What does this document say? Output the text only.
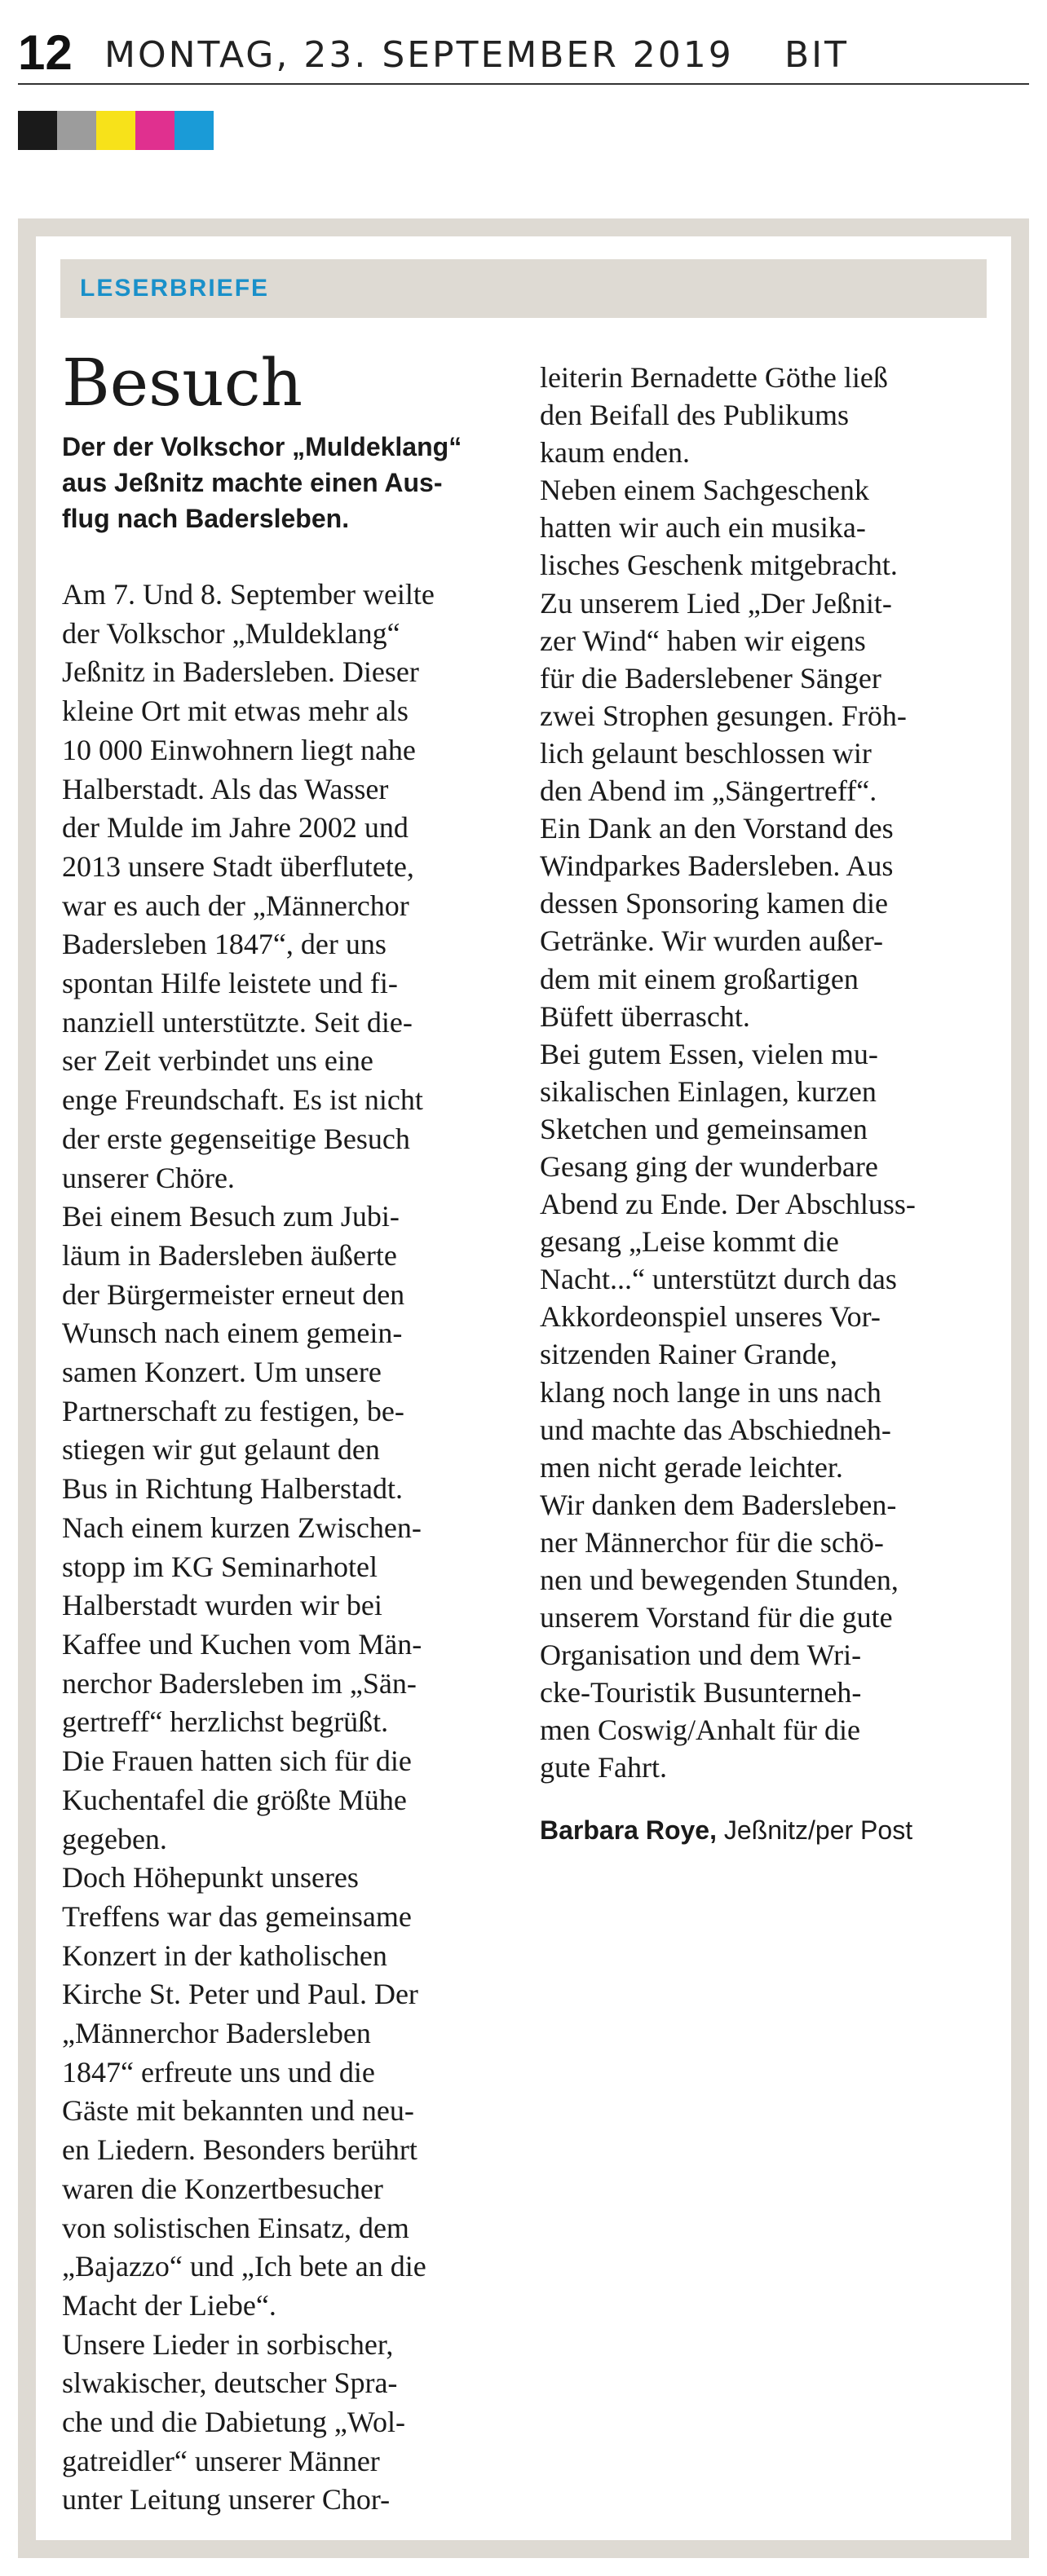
12 MONTAG, 23. SEPTEMBER 2019 BIT
LESERBRIEFE
Besuch
Der der Volkschor „Muldeklang“
aus Jeßnitz machte einen Aus-
flug nach Badersleben.
Am 7. Und 8. September weilte
der Volkschor „Muldeklang“
Jeßnitz in Badersleben. Dieser
kleine Ort mit etwas mehr als
10 000 Einwohnern liegt nahe
Halberstadt. Als das Wasser
der Mulde im Jahre 2002 und
2013 unsere Stadt überflutete,
war es auch der „Männerchor
Badersleben 1847“, der uns
spontan Hilfe leistete und fi-
nanziell unterstützte. Seit die-
ser Zeit verbindet uns eine
enge Freundschaft. Es ist nicht
der erste gegenseitige Besuch
unserer Chöre.
Bei einem Besuch zum Jubi-
läum in Badersleben äußerte
der Bürgermeister erneut den
Wunsch nach einem gemein-
samen Konzert. Um unsere
Partnerschaft zu festigen, be-
stiegen wir gut gelaunt den
Bus in Richtung Halberstadt.
Nach einem kurzen Zwischen-
stopp im KG Seminarhotel
Halberstadt wurden wir bei
Kaffee und Kuchen vom Män-
nerchor Badersleben im „Sän-
gertreff“ herzlichst begrüßt.
Die Frauen hatten sich für die
Kuchentafel die größte Mühe
gegeben.
Doch Höhepunkt unseres
Treffens war das gemeinsame
Konzert in der katholischen
Kirche St. Peter und Paul. Der
„Männerchor Badersleben
1847“ erfreute uns und die
Gäste mit bekannten und neu-
en Liedern. Besonders berührt
waren die Konzertbesucher
von solistischen Einsatz, dem
„Bajazzo“ und „Ich bete an die
Macht der Liebe“.
Unsere Lieder in sorbischer,
slwakischer, deutscher Spra-
che und die Dabietung „Wol-
gatreidler“ unserer Männer
unter Leitung unserer Chor-
leiterin Bernadette Göthe ließ
den Beifall des Publikums
kaum enden.
Neben einem Sachgeschenk
hatten wir auch ein musika-
lisches Geschenk mitgebracht.
Zu unserem Lied „Der Jeßnit-
zer Wind“ haben wir eigens
für die Baderslebener Sänger
zwei Strophen gesungen. Fröh-
lich gelaunt beschlossen wir
den Abend im „Sängertreff“.
Ein Dank an den Vorstand des
Windparkes Badersleben. Aus
dessen Sponsoring kamen die
Getränke. Wir wurden außer-
dem mit einem großartigen
Büfett überrascht.
Bei gutem Essen, vielen mu-
sikalischen Einlagen, kurzen
Sketchen und gemeinsamen
Gesang ging der wunderbare
Abend zu Ende. Der Abschluss-
gesang „Leise kommt die
Nacht...“ unterstützt durch das
Akkordeonspiel unseres Vor-
sitzenden Rainer Grande,
klang noch lange in uns nach
und machte das Abschiedneh-
men nicht gerade leichter.
Wir danken dem Badersleben-
ner Männerchor für die schö-
nen und bewegenden Stunden,
unserem Vorstand für die gute
Organisation und dem Wri-
cke-Touristik Busunterneh-
men Coswig/Anhalt für die
gute Fahrt.
Barbara Roye, Jeßnitz/per Post
